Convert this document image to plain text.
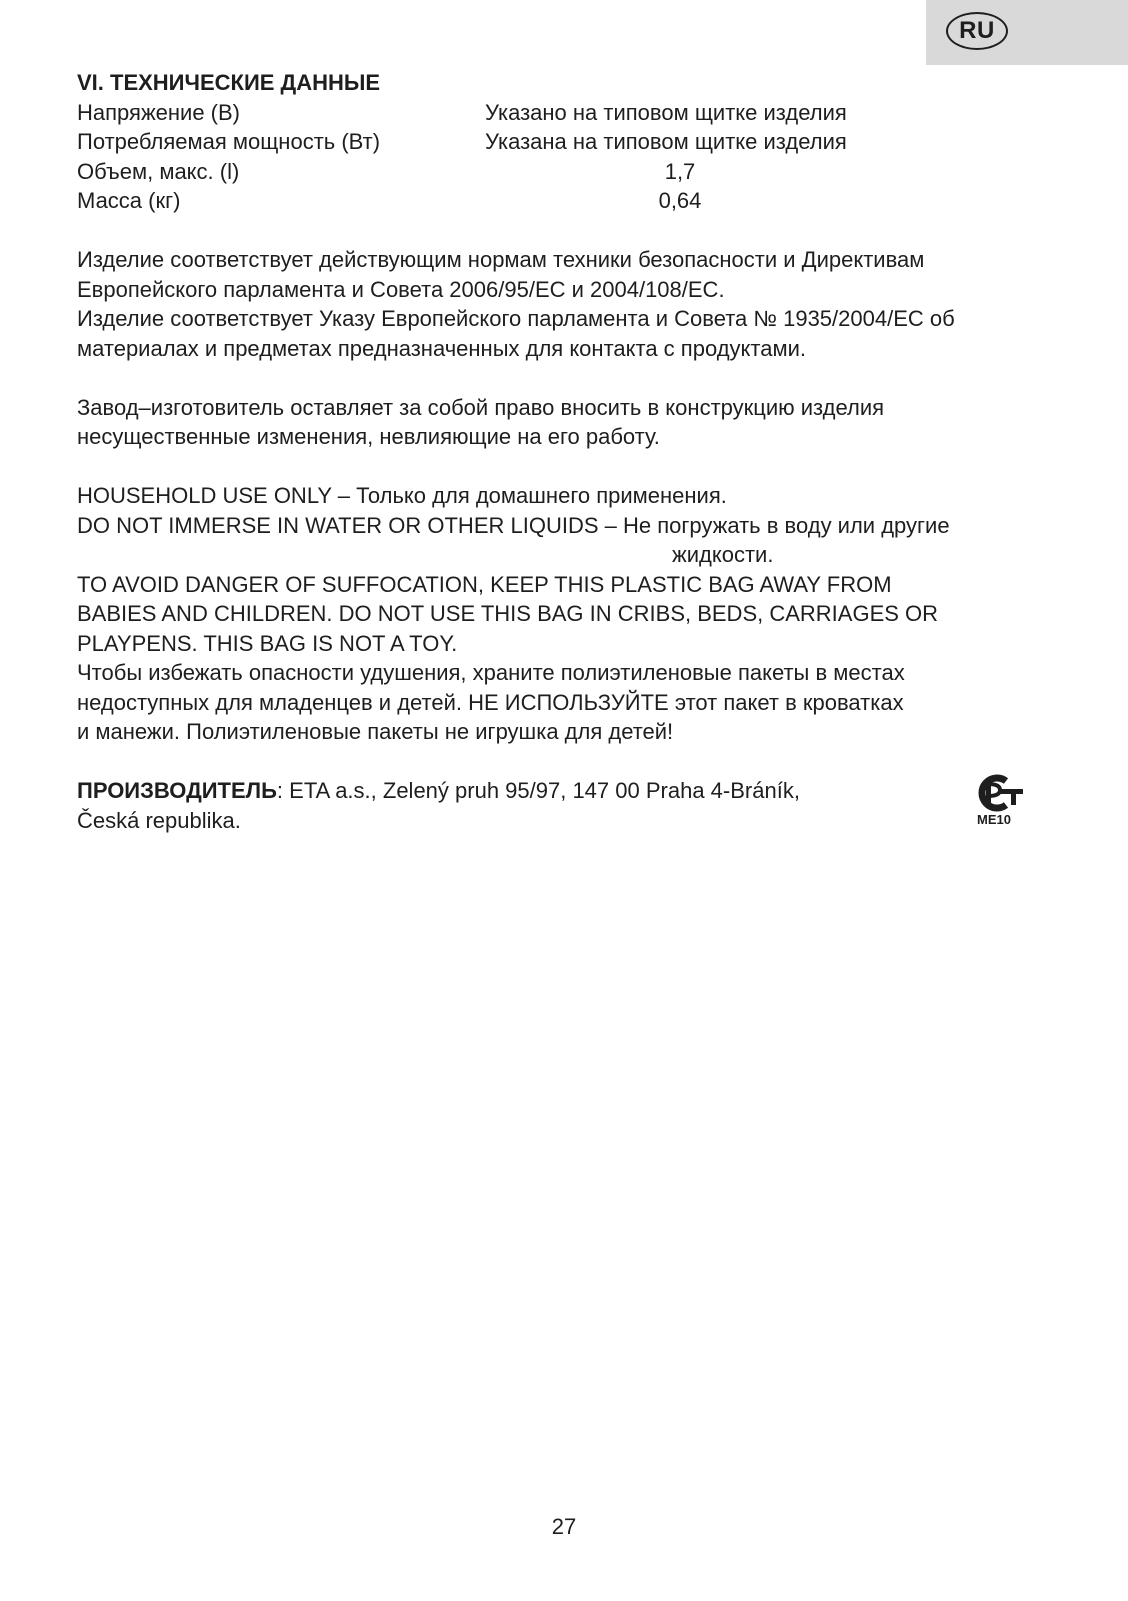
RU
VI. ТЕХНИЧЕСКИЕ ДАННЫЕ
Напряжение (В)	Указано на типовом щитке изделия
Потребляемая мощность (Вт)	Указана на типовом щитке изделия
Объем, макс. (l)	1,7
Масса (кг)	0,64
Изделие соответствует действующим нормам техники безопасности и Директивам
Европейского парламента и Совета 2006/95/ЕС и 2004/108/ЕС.
Изделие соответствует Указу Европейского парламента и Совета № 1935/2004/ЕС об
материалах и предметах предназначенных для контакта с продуктами.
Завод–изготовитель оставляет за собой право вносить в конструкцию изделия
несущественные изменения, невлияющие на его работу.
HOUSEHOLD USE ONLY – Только для домашнего применения.
DO NOT IMMERSE IN WATER OR OTHER LIQUIDS – Не погружать в воду или другие
жидкости.
TO AVOID DANGER OF SUFFOCATION, KEEP THIS PLASTIC BAG AWAY FROM
BABIES AND CHILDREN. DO NOT USE THIS BAG IN CRIBS, BEDS, CARRIAGES OR
PLAYPENS. THIS BAG IS NOT A TOY.
Чтобы избежать опасности удушения, храните полиэтиленовые пакеты в местах
недоступных для младенцев и детей. НЕ ИСПОЛЬЗУЙТЕ этот пакет в кроватках
и манежи. Полиэтиленовые пакеты не игрушка для детей!
ПРОИЗВОДИТЕЛЬ: ETA a.s., Zelený pruh 95/97, 147 00 Praha 4-Bráník,
Česká republika.	ME10
27
